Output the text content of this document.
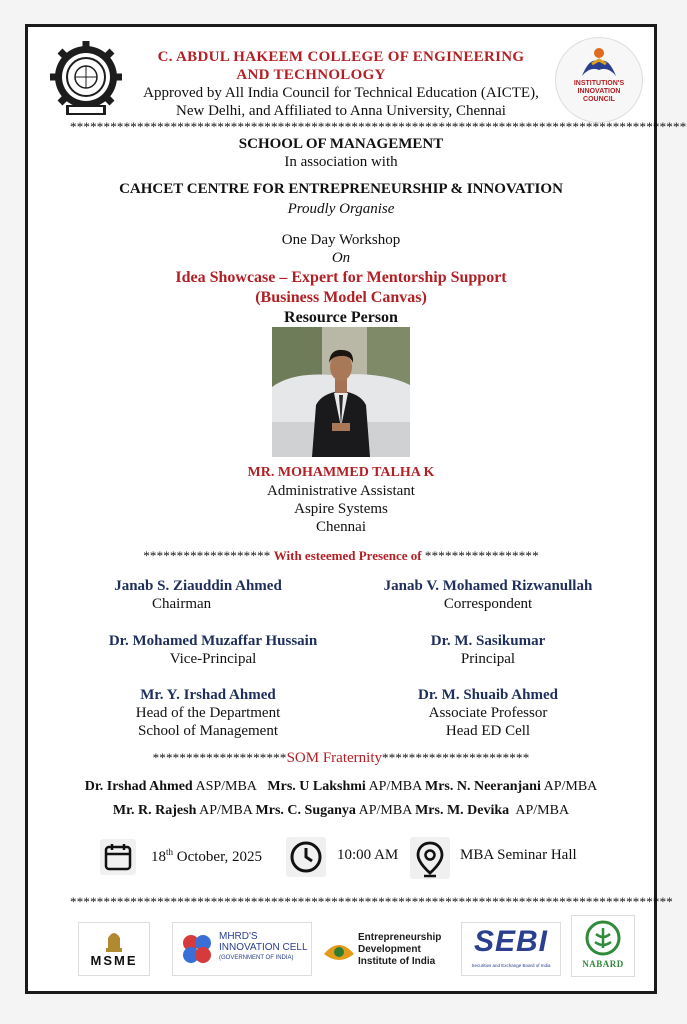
C. ABDUL HAKEEM COLLEGE OF ENGINEERING
AND TECHNOLOGY
Approved by All India Council for Technical Education (AICTE),
New Delhi, and Affiliated to Anna University, Chennai
INSTITUTION'S
INNOVATION
COUNCIL
********************************************************************************************
SCHOOL OF MANAGEMENT
In association with
CAHCET CENTRE FOR ENTREPRENEURSHIP & INNOVATION
Proudly Organise
One Day Workshop
On
Idea Showcase – Expert for Mentorship Support
(Business Model Canvas)
Resource Person
MR. MOHAMMED TALHA K
Administrative Assistant
Aspire Systems
Chennai
******************* With esteemed Presence of *****************
Janab S. Ziauddin Ahmed
Chairman
Janab V. Mohamed Rizwanullah
Correspondent
Dr. Mohamed Muzaffar Hussain
Vice-Principal
Dr. M. Sasikumar
Principal
Mr. Y. Irshad Ahmed
Head of the Department
School of Management
Dr. M. Shuaib Ahmed
Associate Professor
Head ED Cell
********************SOM Fraternity**********************
Dr. Irshad Ahmed ASP/MBA Mrs. U Lakshmi AP/MBA Mrs. N. Neeranjani AP/MBA
Mr. R. Rajesh AP/MBA Mrs. C. Suganya AP/MBA Mrs. M. Devika AP/MBA
18th October, 2025	10:00 AM	MBA Seminar Hall
******************************************************************************************
MSME
MHRD'S
INNOVATION CELL
(GOVERNMENT OF INDIA)
Entrepreneurship
Development
Institute of India
SEBI
Securities and Exchange Board of India	NABARD
